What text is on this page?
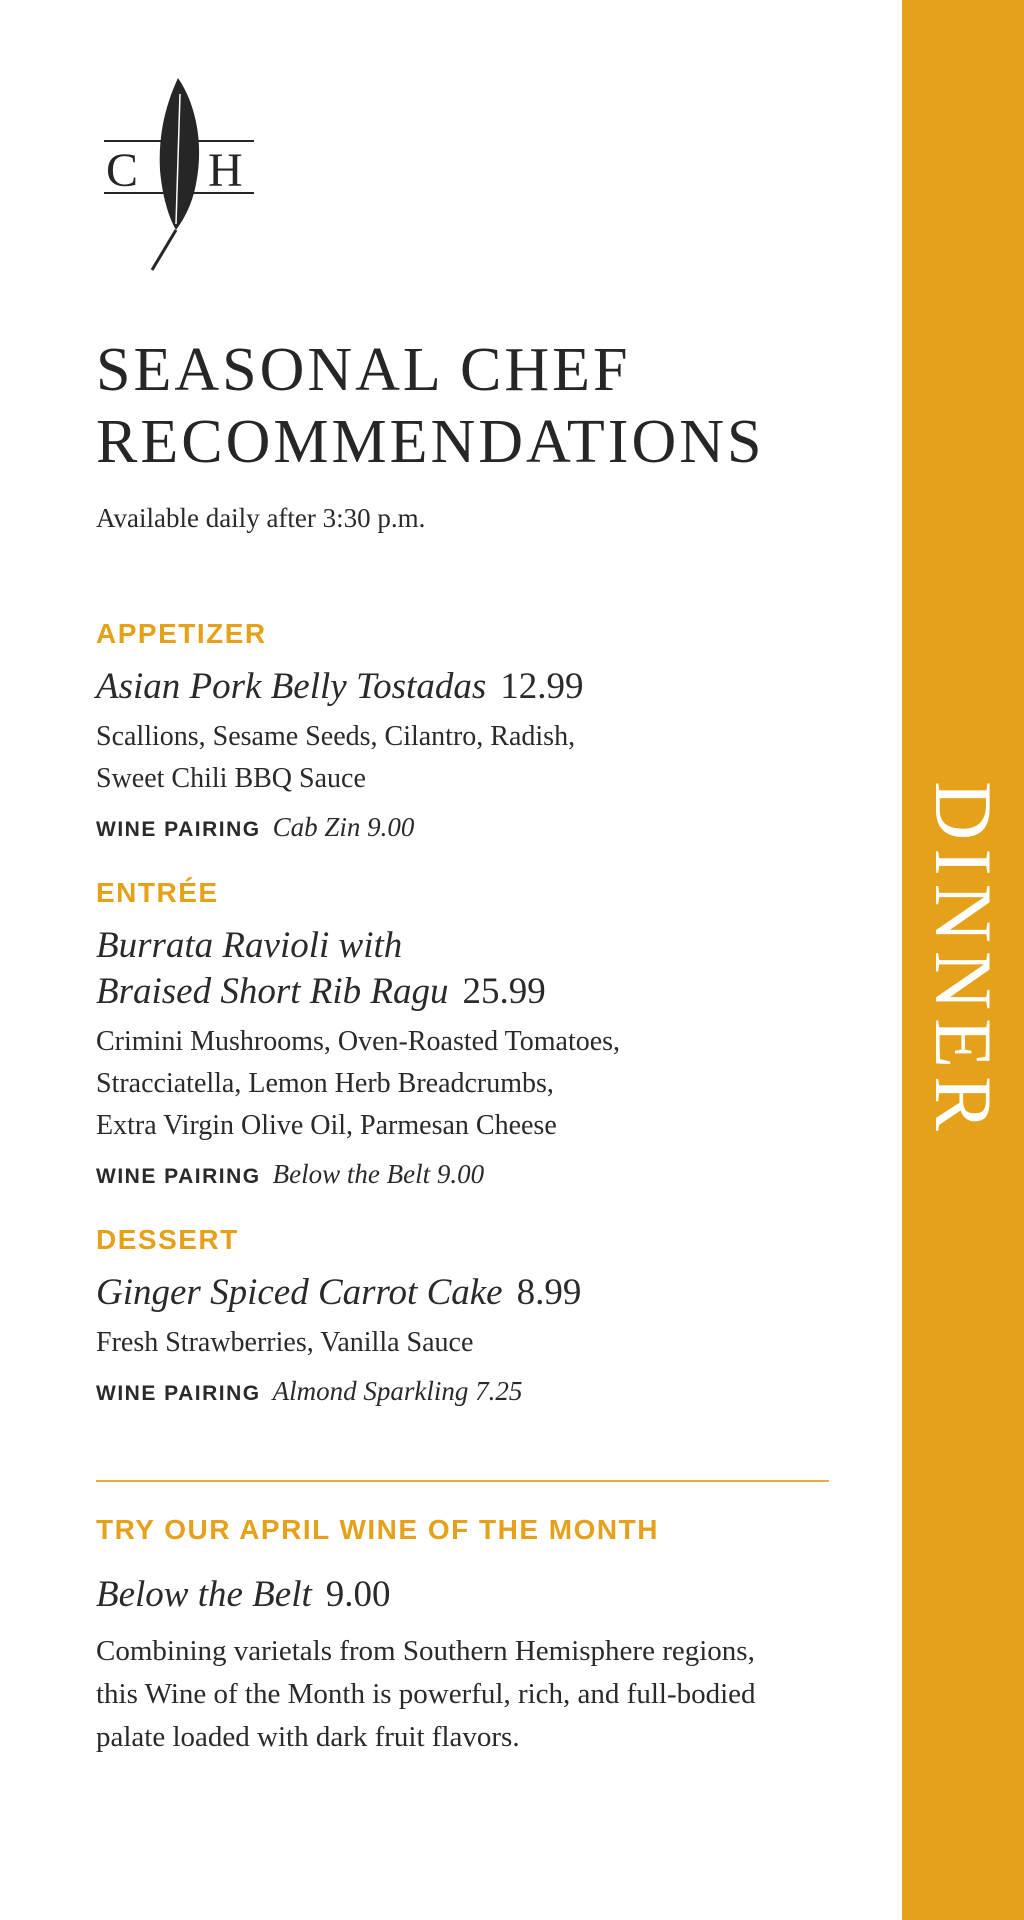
C H
SEASONAL CHEF
RECOMMENDATIONS
Available daily after 3:30 p.m.
APPETIZER
Asian Pork Belly Tostadas 12.99
Scallions, Sesame Seeds, Cilantro, Radish,
Sweet Chili BBQ Sauce
WINE PAIRING Cab Zin 9.00
ENTRÉE
Burrata Ravioli with
Braised Short Rib Ragu 25.99
Crimini Mushrooms, Oven-Roasted Tomatoes,
Stracciatella, Lemon Herb Breadcrumbs,
Extra Virgin Olive Oil, Parmesan Cheese
WINE PAIRING Below the Belt 9.00
DESSERT
Ginger Spiced Carrot Cake 8.99
Fresh Strawberries, Vanilla Sauce
WINE PAIRING Almond Sparkling 7.25
TRY OUR APRIL WINE OF THE MONTH
Below the Belt 9.00
Combining varietals from Southern Hemisphere regions,
this Wine of the Month is powerful, rich, and full-bodied
palate loaded with dark fruit flavors.
DINNER
